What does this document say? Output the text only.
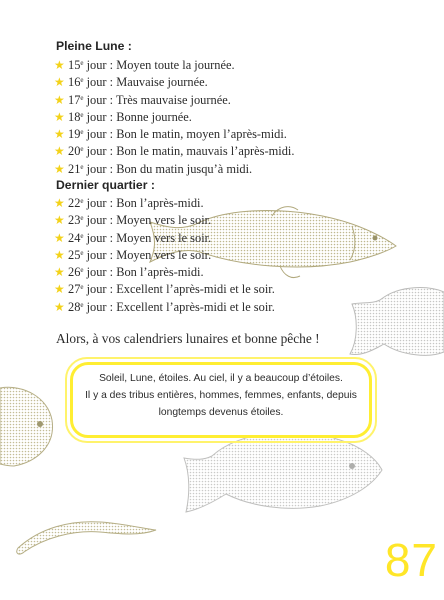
Pleine Lune :
★ 15e jour : Moyen toute la journée.
★ 16e jour : Mauvaise journée.
★ 17e jour : Très mauvaise journée.
★ 18e jour : Bonne journée.
★ 19e jour : Bon le matin, moyen l’après-midi.
★ 20e jour : Bon le matin, mauvais l’après-midi.
★ 21e jour : Bon du matin jusqu’à midi.
Dernier quartier :
★ 22e jour : Bon l’après-midi.
★ 23e jour : Moyen vers le soir.
★ 24e jour : Moyen vers le soir.
★ 25e jour : Moyen vers le soir.
★ 26e jour : Bon l’après-midi.
★ 27e jour : Excellent l’après-midi et le soir.
★ 28e jour : Excellent l’après-midi et le soir.

Alors, à vos calendriers lunaires et bonne pêche !

Soleil, Lune, étoiles. Au ciel, il y a beaucoup d’étoiles.
Il y a des tribus entières, hommes, femmes, enfants, depuis
longtemps devenus étoiles.

87
